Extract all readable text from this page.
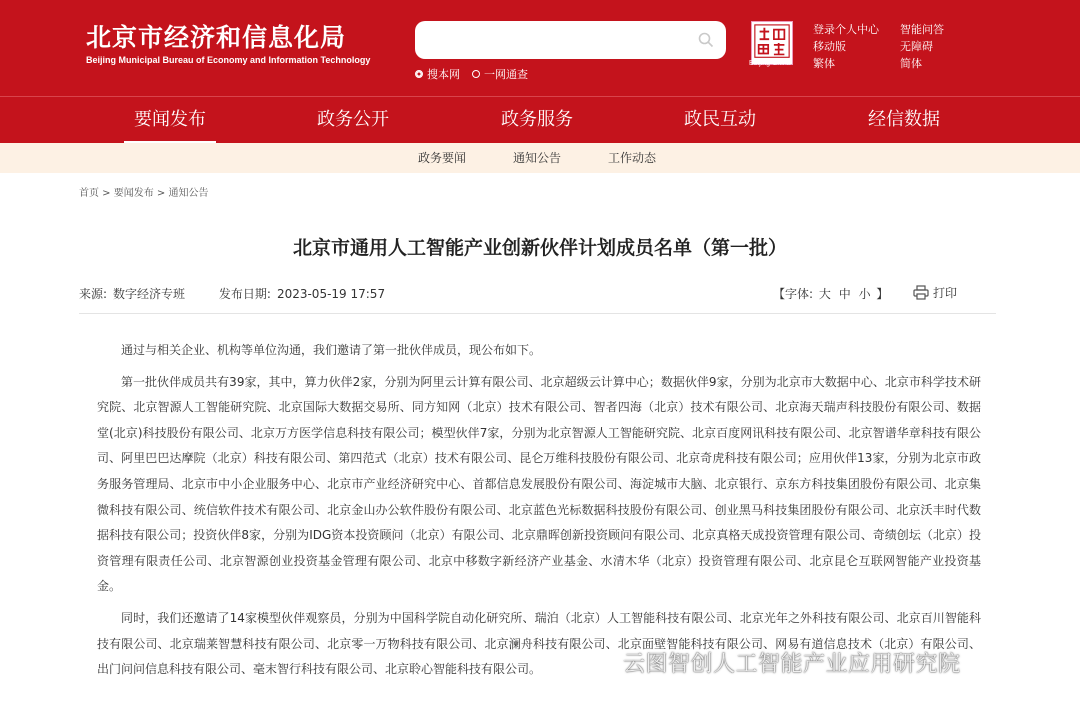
北京市经济和信息化局
Beijing Municipal Bureau of Economy and Information Technology
搜本网 一网通查
Beijing-China
登录个人中心
移动版
繁体
智能问答
无障碍
简体
要闻发布	政务公开	政务服务	政民互动	经信数据
政务要闻	通知公告	工作动态
首页 > 要闻发布 > 通知公告
北京市通用人工智能产业创新伙伴计划成员名单（第一批）
来源: 数字经济专班	发布日期: 2023-05-19 17:57	【字体: 大 中 小 】	打印

通过与相关企业、机构等单位沟通，我们邀请了第一批伙伴成员，现公布如下。

第一批伙伴成员共有39家，其中，算力伙伴2家，分别为阿里云计算有限公司、北京超级云计算中心；数据伙伴9家，分别为北京市大数据中心、北京市科学技术研究院、北京智源人工智能研究院、北京国际大数据交易所、同方知网（北京）技术有限公司、智者四海（北京）技术有限公司、北京海天瑞声科技股份有限公司、数据堂(北京)科技股份有限公司、北京万方医学信息科技有限公司；模型伙伴7家，分别为北京智源人工智能研究院、北京百度网讯科技有限公司、北京智谱华章科技有限公司、阿里巴巴达摩院（北京）科技有限公司、第四范式（北京）技术有限公司、昆仑万维科技股份有限公司、北京奇虎科技有限公司；应用伙伴13家，分别为北京市政务服务管理局、北京市中小企业服务中心、北京市产业经济研究中心、首都信息发展股份有限公司、海淀城市大脑、北京银行、京东方科技集团股份有限公司、北京集微科技有限公司、统信软件技术有限公司、北京金山办公软件股份有限公司、北京蓝色光标数据科技股份有限公司、创业黑马科技集团股份有限公司、北京沃丰时代数据科技有限公司；投资伙伴8家，分别为IDG资本投资顾问（北京）有限公司、北京鼎晖创新投资顾问有限公司、北京真格天成投资管理有限公司、奇绩创坛（北京）投资管理有限责任公司、北京智源创业投资基金管理有限公司、北京中移数字新经济产业基金、水清木华（北京）投资管理有限公司、北京昆仑互联网智能产业投资基金。

同时，我们还邀请了14家模型伙伴观察员，分别为中国科学院自动化研究所、瑞泊（北京）人工智能科技有限公司、北京光年之外科技有限公司、北京百川智能科技有限公司、北京瑞莱智慧科技有限公司、北京零一万物科技有限公司、北京澜舟科技有限公司、北京面壁智能科技有限公司、网易有道信息技术（北京）有限公司、出门问问信息科技有限公司、毫末智行科技有限公司、北京聆心智能科技有限公司。	云图智创人工智能产业应用研究院
